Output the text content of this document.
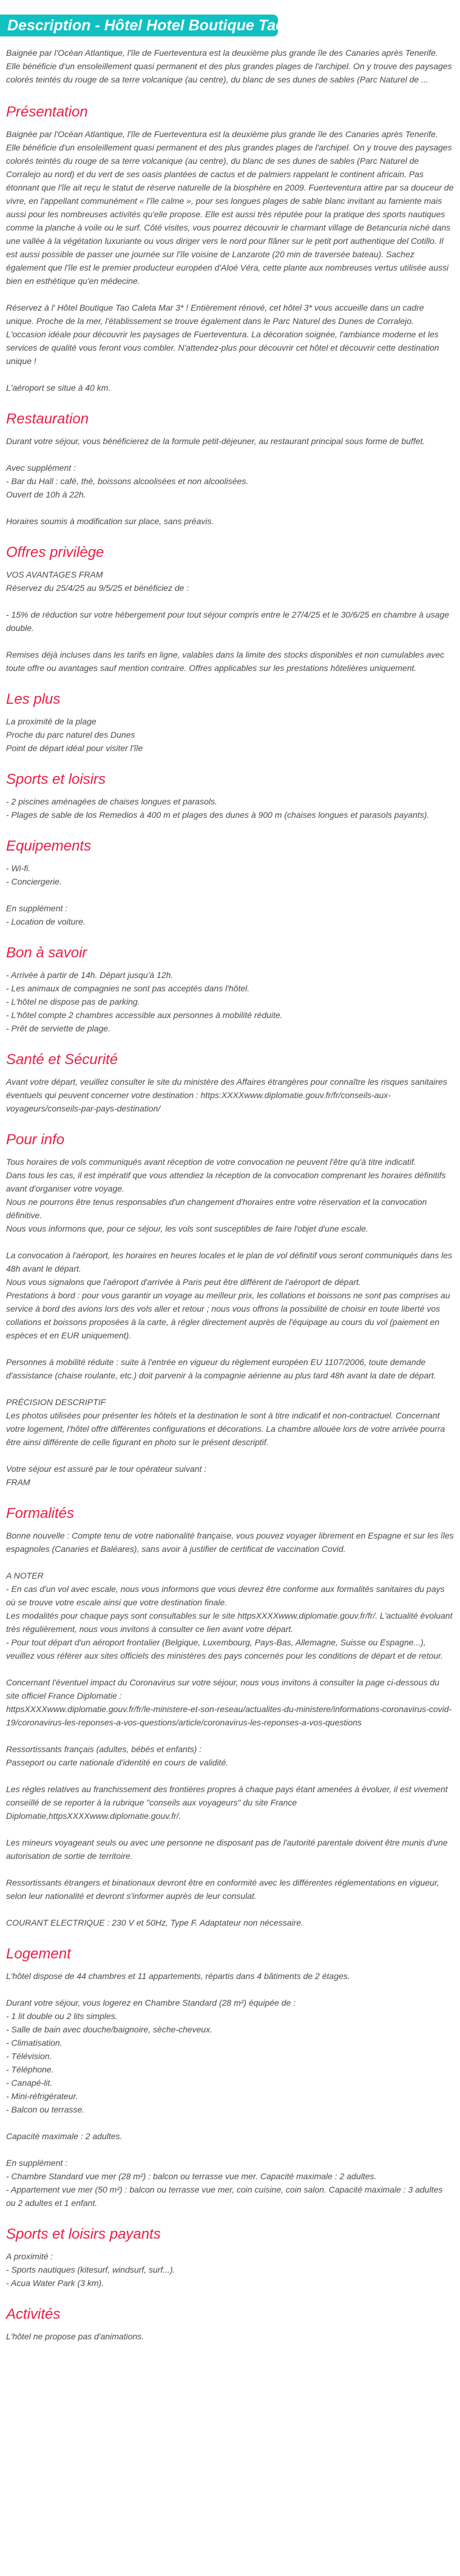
Description - Hôtel Hotel Boutique Tao Caleta Mar ***

Baignée par l'Océan Atlantique, l'île de Fuerteventura est la deuxième plus grande île des Canaries après Tenerife. Elle bénéficie d'un ensoleillement quasi permanent et des plus grandes plages de l'archipel. On y trouve des paysages colorés teintés du rouge de sa terre volcanique (au centre), du blanc de ses dunes de sables (Parc Naturel de ...

Présentation

Baignée par l'Océan Atlantique, l'île de Fuerteventura est la deuxième plus grande île des Canaries après Tenerife. Elle bénéficie d'un ensoleillement quasi permanent et des plus grandes plages de l'archipel. On y trouve des paysages colorés teintés du rouge de sa terre volcanique (au centre), du blanc de ses dunes de sables (Parc Naturel de Corralejo au nord) et du vert de ses oasis plantées de cactus et de palmiers rappelant le continent africain. Pas étonnant que l'île ait reçu le statut de réserve naturelle de la biosphère en 2009. Fuerteventura attire par sa douceur de vivre, en l'appellant communément « l'île calme », pour ses longues plages de sable blanc invitant au farniente mais aussi pour les nombreuses activités qu'elle propose. Elle est aussi très réputée pour la pratique des sports nautiques comme la planche à voile ou le surf. Côté visites, vous pourrez découvrir le charmant village de Betancuria niché dans une vallée à la végétation luxuriante ou vous diriger vers le nord pour flâner sur le petit port authentique del Cotillo. Il est aussi possible de passer une journée sur l'île voisine de Lanzarote (20 min de traversée bateau). Sachez également que l'île est le premier producteur européen d'Aloé Véra, cette plante aux nombreuses vertus utilisée aussi bien en esthétique qu'en médecine.

Réservez à l' Hôtel Boutique Tao Caleta Mar 3* ! Entièrement rénové, cet hôtel 3* vous accueille dans un cadre unique. Proche de la mer, l'établissement se trouve également dans le Parc Naturel des Dunes de Corralejo. L'occasion idéale pour découvrir les paysages de Fuerteventura. La décoration soignée, l'ambiance moderne et les services de qualité vous feront vous combler. N'attendez-plus pour découvrir cet hôtel et découvrir cette destination unique !

L'aéroport se situe à 40 km.

Restauration

Durant votre séjour, vous bénéficierez de la formule petit-déjeuner, au restaurant principal sous forme de buffet.

Avec supplément :
- Bar du Hall : café, thé, boissons alcoolisées et non alcoolisées.
Ouvert de 10h à 22h.

Horaires soumis à modification sur place, sans préavis.

Offres privilège

VOS AVANTAGES FRAM
Réservez du 25/4/25 au 9/5/25 et bénéficiez de :

- 15% de réduction sur votre hébergement pour tout séjour compris entre le 27/4/25 et le 30/6/25 en chambre à usage double.

Remises déjà incluses dans les tarifs en ligne, valables dans la limite des stocks disponibles et non cumulables avec toute offre ou avantages sauf mention contraire. Offres applicables sur les prestations hôtelières uniquement.

Les plus

La proximité de la plage
Proche du parc naturel des Dunes
Point de départ idéal pour visiter l'île

Sports et loisirs

- 2 piscines aménagées de chaises longues et parasols.
- Plages de sable de los Remedios à 400 m et plages des dunes à 900 m (chaises longues et parasols payants).

Equipements

- Wi-fi.
- Conciergerie.

En supplément :
- Location de voiture.

Bon à savoir

- Arrivée à partir de 14h. Départ jusqu'à 12h.
- Les animaux de compagnies ne sont pas acceptés dans l'hôtel.
- L'hôtel ne dispose pas de parking.
- L'hôtel compte 2 chambres accessible aux personnes à mobilité réduite.
- Prêt de serviette de plage.

Santé et Sécurité

Avant votre départ, veuillez consulter le site du ministère des Affaires étrangères pour connaître les risques sanitaires éventuels qui peuvent concerner votre destination : https:XXXXwww.diplomatie.gouv.fr/fr/conseils-aux-voyageurs/conseils-par-pays-destination/

Pour info

Tous horaires de vols communiqués avant réception de votre convocation ne peuvent l'être qu'à titre indicatif.
Dans tous les cas, il est impératif que vous attendiez la réception de la convocation comprenant les horaires définitifs avant d'organiser votre voyage.
Nous ne pourrons être tenus responsables d'un changement d'horaires entre votre réservation et la convocation définitive.
Nous vous informons que, pour ce séjour, les vols sont susceptibles de faire l'objet d'une escale.

La convocation à l'aéroport, les horaires en heures locales et le plan de vol définitif vous seront communiqués dans les 48h avant le départ.
Nous vous signalons que l'aéroport d'arrivée à Paris peut être différent de l'aéroport de départ.
Prestations à bord : pour vous garantir un voyage au meilleur prix, les collations et boissons ne sont pas comprises au service à bord des avions lors des vols aller et retour ; nous vous offrons la possibilité de choisir en toute liberté vos collations et boissons proposées à la carte, à régler directement auprès de l'équipage au cours du vol (paiement en espèces et en EUR uniquement).

Personnes à mobilité réduite : suite à l'entrée en vigueur du règlement européen EU 1107/2006, toute demande d'assistance (chaise roulante, etc.) doit parvenir à la compagnie aérienne au plus tard 48h avant la date de départ.

PRÉCISION DESCRIPTIF
Les photos utilisées pour présenter les hôtels et la destination le sont à titre indicatif et non-contractuel. Concernant votre logement, l'hôtel offre différentes configurations et décorations. La chambre allouée lors de votre arrivée pourra être ainsi différente de celle figurant en photo sur le présent descriptif.

Votre séjour est assuré par le tour opérateur suivant :
FRAM

Formalités

Bonne nouvelle : Compte tenu de votre nationalité française, vous pouvez voyager librement en Espagne et sur les îles espagnoles (Canaries et Baléares), sans avoir à justifier de certificat de vaccination Covid.

A NOTER
- En cas d'un vol avec escale, nous vous informons que vous devrez être conforme aux formalités sanitaires du pays où se trouve votre escale ainsi que votre destination finale.
Les modalités pour chaque pays sont consultables sur le site httpsXXXXwww.diplomatie.gouv.fr/fr/. L'actualité évoluant très régulièrement, nous vous invitons à consulter ce lien avant votre départ.
- Pour tout départ d'un aéroport frontalier (Belgique, Luxembourg, Pays-Bas, Allemagne, Suisse ou Espagne...), veuillez vous référer aux sites officiels des ministères des pays concernés pour les conditions de départ et de retour.

Concernant l'éventuel impact du Coronavirus sur votre séjour, nous vous invitons à consulter la page ci-dessous du site officiel France Diplomatie :
httpsXXXXwww.diplomatie.gouv.fr/fr/le-ministere-et-son-reseau/actualites-du-ministere/informations-coronavirus-covid-19/coronavirus-les-reponses-a-vos-questions/article/coronavirus-les-reponses-a-vos-questions

Ressortissants français (adultes, bébés et enfants) :
Passeport ou carte nationale d'identité en cours de validité.

Les règles relatives au franchissement des frontières propres à chaque pays étant amenées à évoluer, il est vivement conseillé de se reporter à la rubrique "conseils aux voyageurs" du site France Diplomatie,httpsXXXXwww.diplomatie.gouv.fr/.

Les mineurs voyageant seuls ou avec une personne ne disposant pas de l'autorité parentale doivent être munis d'une autorisation de sortie de territoire.

Ressortissants étrangers et binationaux devront être en conformité avec les différentes réglementations en vigueur, selon leur nationalité et devront s'informer auprès de leur consulat.

COURANT ELECTRIQUE : 230 V et 50Hz, Type F. Adaptateur non nécessaire.

Logement

L'hôtel dispose de 44 chambres et 11 appartements, répartis dans 4 bâtiments de 2 étages.

Durant votre séjour, vous logerez en Chambre Standard (28 m²) équipée de :
- 1 lit double ou 2 lits simples.
- Salle de bain avec douche/baignoire, sèche-cheveux.
- Climatisation.
- Télévision.
- Téléphone.
- Canapé-lit.
- Mini-réfrigérateur.
- Balcon ou terrasse.

Capacité maximale : 2 adultes.

En supplément :
- Chambre Standard vue mer (28 m²) : balcon ou terrasse vue mer. Capacité maximale : 2 adultes.
- Appartement vue mer (50 m²) : balcon ou terrasse vue mer, coin cuisine, coin salon. Capacité maximale : 3 adultes ou 2 adultes et 1 enfant.

Sports et loisirs payants

A proximité :
- Sports nautiques (kitesurf, windsurf, surf...).
- Acua Water Park (3 km).

Activités

L'hôtel ne propose pas d'animations.
